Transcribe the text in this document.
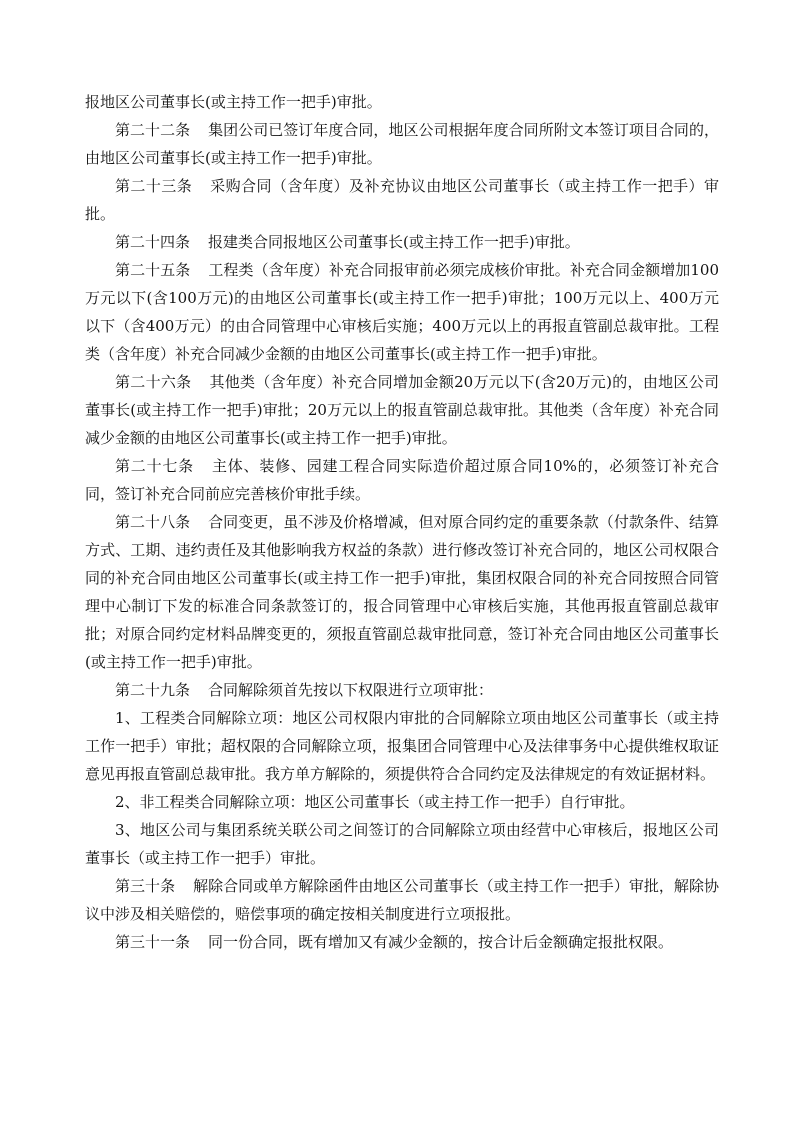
报地区公司董事长(或主持工作一把手)审批。

第二十二条 集团公司已签订年度合同，地区公司根据年度合同所附文本签订项目合同的，由地区公司董事长(或主持工作一把手)审批。

第二十三条 采购合同（含年度）及补充协议由地区公司董事长（或主持工作一把手）审批。

第二十四条 报建类合同报地区公司董事长(或主持工作一把手)审批。

第二十五条 工程类（含年度）补充合同报审前必须完成核价审批。补充合同金额增加100万元以下(含100万元)的由地区公司董事长(或主持工作一把手)审批；100万元以上、400万元以下（含400万元）的由合同管理中心审核后实施；400万元以上的再报直管副总裁审批。工程类（含年度）补充合同减少金额的由地区公司董事长(或主持工作一把手)审批。

第二十六条 其他类（含年度）补充合同增加金额20万元以下(含20万元)的，由地区公司董事长(或主持工作一把手)审批；20万元以上的报直管副总裁审批。其他类（含年度）补充合同减少金额的由地区公司董事长(或主持工作一把手)审批。

第二十七条 主体、装修、园建工程合同实际造价超过原合同10%的，必须签订补充合同，签订补充合同前应完善核价审批手续。

第二十八条 合同变更，虽不涉及价格增减，但对原合同约定的重要条款（付款条件、结算方式、工期、违约责任及其他影响我方权益的条款）进行修改签订补充合同的，地区公司权限合同的补充合同由地区公司董事长(或主持工作一把手)审批，集团权限合同的补充合同按照合同管理中心制订下发的标准合同条款签订的，报合同管理中心审核后实施，其他再报直管副总裁审批；对原合同约定材料品牌变更的，须报直管副总裁审批同意，签订补充合同由地区公司董事长(或主持工作一把手)审批。

第二十九条 合同解除须首先按以下权限进行立项审批：

1、工程类合同解除立项：地区公司权限内审批的合同解除立项由地区公司董事长（或主持工作一把手）审批；超权限的合同解除立项，报集团合同管理中心及法律事务中心提供维权取证意见再报直管副总裁审批。我方单方解除的，须提供符合合同约定及法律规定的有效证据材料。

2、非工程类合同解除立项：地区公司董事长（或主持工作一把手）自行审批。

3、地区公司与集团系统关联公司之间签订的合同解除立项由经营中心审核后，报地区公司董事长（或主持工作一把手）审批。

第三十条 解除合同或单方解除函件由地区公司董事长（或主持工作一把手）审批，解除协议中涉及相关赔偿的，赔偿事项的确定按相关制度进行立项报批。

第三十一条 同一份合同，既有增加又有减少金额的，按合计后金额确定报批权限。
